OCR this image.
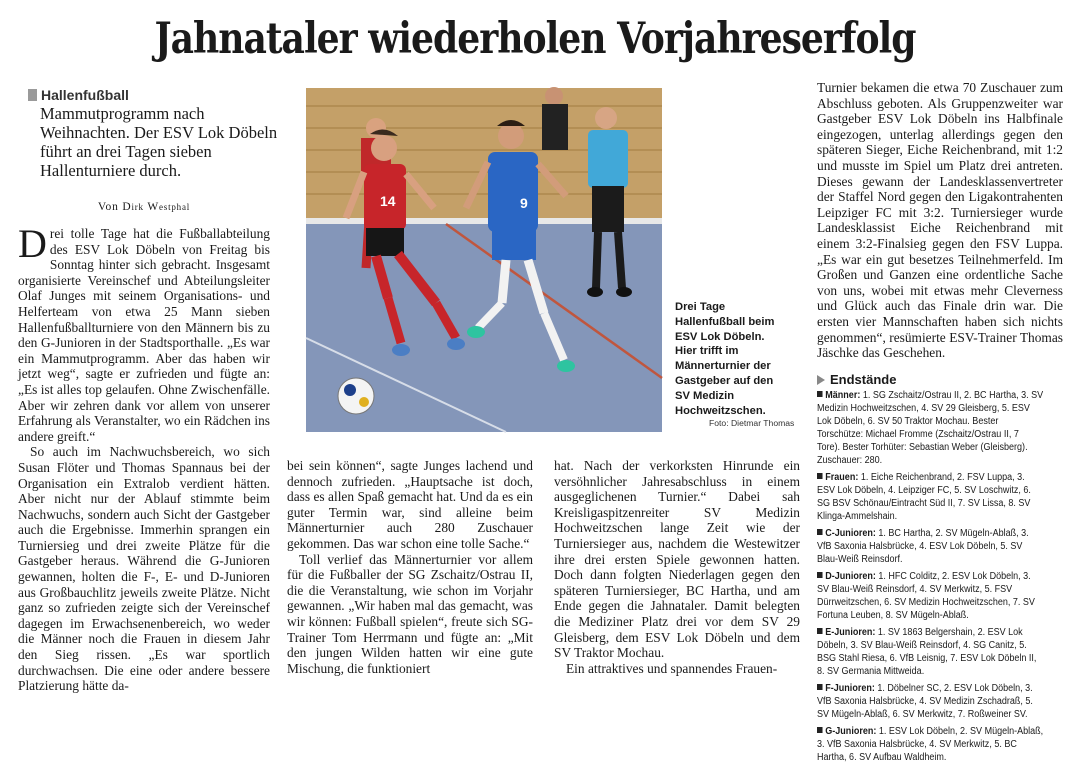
Jahnataler wiederholen Vorjahreserfolg
Hallenfußball
Mammutprogramm nach Weihnachten. Der ESV Lok Döbeln führt an drei Tagen sieben Hallenturniere durch.
Von Dirk Westphal

Drei tolle Tage hat die Fußballabteilung des ESV Lok Döbeln von Freitag bis Sonntag hinter sich gebracht. Insgesamt organisierte Vereinschef und Abteilungsleiter Olaf Junges mit seinem Organisations- und Helferteam von etwa 25 Mann sieben Hallenfußballturniere von den Männern bis zu den G-Junioren in der Stadtsporthalle. „Es war ein Mammutprogramm. Aber das haben wir jetzt weg“, sagte er zufrieden und fügte an: „Es ist alles top gelaufen. Ohne Zwischenfälle. Aber wir zehren dank vor allem von unserer Erfahrung als Veranstalter, wo ein Rädchen ins andere greift.“

So auch im Nachwuchsbereich, wo sich Susan Flöter und Thomas Spannaus bei der Organisation ein Extralob verdient hätten. Aber nicht nur der Ablauf stimmte beim Nachwuchs, sondern auch Sicht der Gastgeber auch die Ergebnisse. Immerhin sprangen ein Turniersieg und drei zweite Plätze für die Gastgeber heraus. Während die G-Junioren gewannen, holten die F-, E- und D-Junioren aus Großbauchlitz jeweils zweite Plätze. Nicht ganz so zufrieden zeigte sich der Vereinschef dagegen im Erwachsenenbereich, wo weder die Männer noch die Frauen in diesem Jahr den Sieg rissen. „Es war sportlich durchwachsen. Die eine oder andere bessere Platzierung hätte da-

14	9
Drei Tage Hallenfußball beim ESV Lok Döbeln. Hier trifft im Männerturnier der Gastgeber auf den SV Medizin Hochweitzschen.
Foto: Dietmar Thomas

bei sein können“, sagte Junges lachend und dennoch zufrieden. „Hauptsache ist doch, dass es allen Spaß gemacht hat. Und da es ein guter Termin war, sind alleine beim Männerturnier auch 280 Zuschauer gekommen. Das war schon eine tolle Sache.“

Toll verlief das Männerturnier vor allem für die Fußballer der SG Zschaitz/Ostrau II, die die Veranstaltung, wie schon im Vorjahr gewannen. „Wir haben mal das gemacht, was wir können: Fußball spielen“, freute sich SG-Trainer Tom Herrmann und fügte an: „Mit den jungen Wilden hatten wir eine gute Mischung, die funktioniert

hat. Nach der verkorksten Hinrunde ein versöhnlicher Jahresabschluss in einem ausgeglichenen Turnier.“ Dabei sah Kreisligaspitzenreiter SV Medizin Hochweitzschen lange Zeit wie der Turniersieger aus, nachdem die Westewitzer ihre drei ersten Spiele gewonnen hatten. Doch dann folgten Niederlagen gegen den späteren Turniersieger, BC Hartha, und am Ende gegen die Jahnataler. Damit belegten die Mediziner Platz drei vor dem SV 29 Gleisberg, dem ESV Lok Döbeln und dem SV Traktor Mochau.

Ein attraktives und spannendes Frauen-

Turnier bekamen die etwa 70 Zuschauer zum Abschluss geboten. Als Gruppenzweiter war Gastgeber ESV Lok Döbeln ins Halbfinale eingezogen, unterlag allerdings gegen den späteren Sieger, Eiche Reichenbrand, mit 1:2 und musste im Spiel um Platz drei antreten. Dieses gewann der Landesklassenvertreter der Staffel Nord gegen den Ligakontrahenten Leipziger FC mit 3:2. Turniersieger wurde Landesklassist Eiche Reichenbrand mit einem 3:2-Finalsieg gegen den FSV Luppa. „Es war ein gut besetzes Teilnehmerfeld. Im Großen und Ganzen eine ordentliche Sache von uns, wobei mit etwas mehr Cleverness und Glück auch das Finale drin war. Die ersten vier Mannschaften haben sich nichts genommen“, resümierte ESV-Trainer Thomas Jäschke das Geschehen.

Endstände
Männer: 1. SG Zschaitz/Ostrau II, 2. BC Hartha, 3. SV Medizin Hochweitzschen, 4. SV 29 Gleisberg, 5. ESV Lok Döbeln, 6. SV 50 Traktor Mochau. Bester Torschütze: Michael Fromme (Zschaitz/Ostrau II, 7 Tore). Bester Torhüter: Sebastian Weber (Gleisberg). Zuschauer: 280.
Frauen: 1. Eiche Reichenbrand, 2. FSV Luppa, 3. ESV Lok Döbeln, 4. Leipziger FC, 5. SV Loschwitz, 6. SG BSV Schönau/Eintracht Süd II, 7. SV Lissa, 8. SV Klinga-Ammelshain.
C-Junioren: 1. BC Hartha, 2. SV Mügeln-Ablaß, 3. VfB Saxonia Halsbrücke, 4. ESV Lok Döbeln, 5. SV Blau-Weiß Reinsdorf.
D-Junioren: 1. HFC Colditz, 2. ESV Lok Döbeln, 3. SV Blau-Weiß Reinsdorf, 4. SV Merkwitz, 5. FSV Dürrweitzschen, 6. SV Medizin Hochweitzschen, 7. SV Fortuna Leuben, 8. SV Mügeln-Ablaß.
E-Junioren: 1. SV 1863 Belgershain, 2. ESV Lok Döbeln, 3. SV Blau-Weiß Reinsdorf, 4. SG Canitz, 5. BSG Stahl Riesa, 6. VfB Leisnig, 7. ESV Lok Döbeln II, 8. SV Germania Mittweida.
F-Junioren: 1. Döbelner SC, 2. ESV Lok Döbeln, 3. VfB Saxonia Halsbrücke, 4. SV Medizin Zschadraß, 5. SV Mügeln-Ablaß, 6. SV Merkwitz, 7. Roßweiner SV.
G-Junioren: 1. ESV Lok Döbeln, 2. SV Mügeln-Ablaß, 3. VfB Saxonia Halsbrücke, 4. SV Merkwitz, 5. BC Hartha, 6. SV Aufbau Waldheim.
